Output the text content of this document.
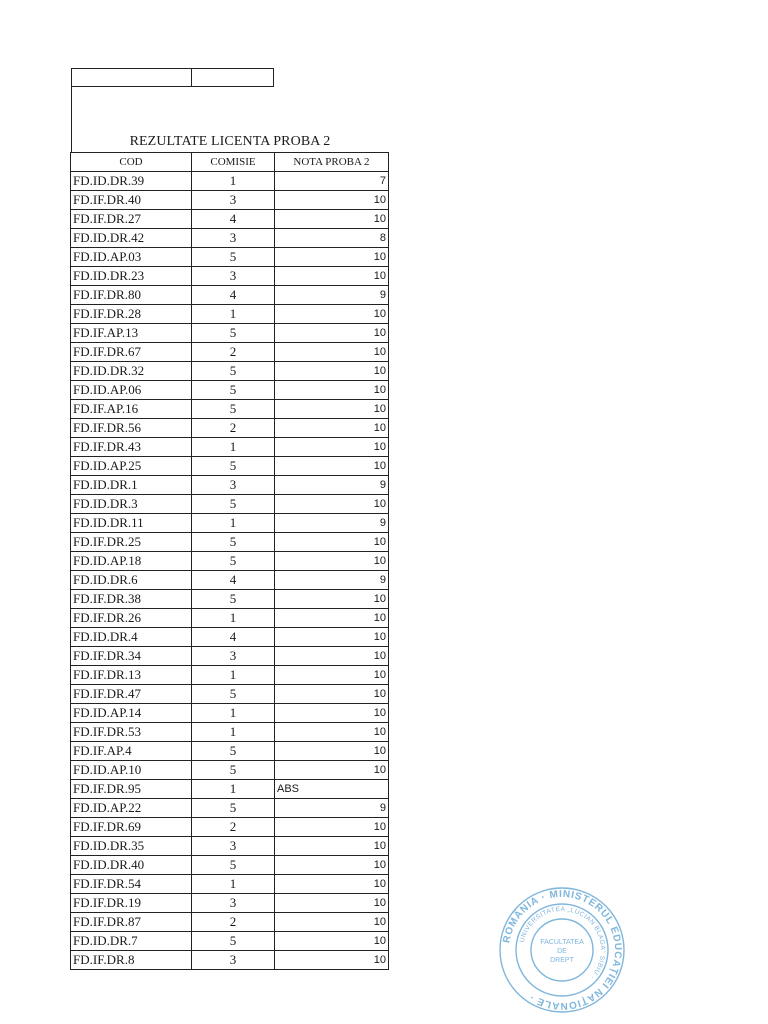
REZULTATE LICENTA PROBA 2
COD	COMISIE	NOTA PROBA 2
FD.ID.DR.39	1	7
FD.IF.DR.40	3	10
FD.IF.DR.27	4	10
FD.ID.DR.42	3	8
FD.ID.AP.03	5	10
FD.ID.DR.23	3	10
FD.IF.DR.80	4	9
FD.IF.DR.28	1	10
FD.IF.AP.13	5	10
FD.IF.DR.67	2	10
FD.ID.DR.32	5	10
FD.ID.AP.06	5	10
FD.IF.AP.16	5	10
FD.IF.DR.56	2	10
FD.IF.DR.43	1	10
FD.ID.AP.25	5	10
FD.ID.DR.1	3	9
FD.ID.DR.3	5	10
FD.ID.DR.11	1	9
FD.IF.DR.25	5	10
FD.ID.AP.18	5	10
FD.ID.DR.6	4	9
FD.IF.DR.38	5	10
FD.IF.DR.26	1	10
FD.ID.DR.4	4	10
FD.IF.DR.34	3	10
FD.IF.DR.13	1	10
FD.IF.DR.47	5	10
FD.ID.AP.14	1	10
FD.IF.DR.53	1	10
FD.IF.AP.4	5	10
FD.ID.AP.10	5	10
FD.IF.DR.95	1	ABS
FD.ID.AP.22	5	9
FD.IF.DR.69	2	10
FD.ID.DR.35	3	10
FD.ID.DR.40	5	10
FD.IF.DR.54	1	10
FD.IF.DR.19	3	10
FD.IF.DR.87	2	10
FD.ID.DR.7	5	10
FD.IF.DR.8	3	10
ROMÂNIA · MINISTERUL EDUCAȚIEI NAȚIONALE ·
UNIVERSITATEA „LUCIAN BLAGA” SIBIU ·
FACULTATEA
DE
DREPT
